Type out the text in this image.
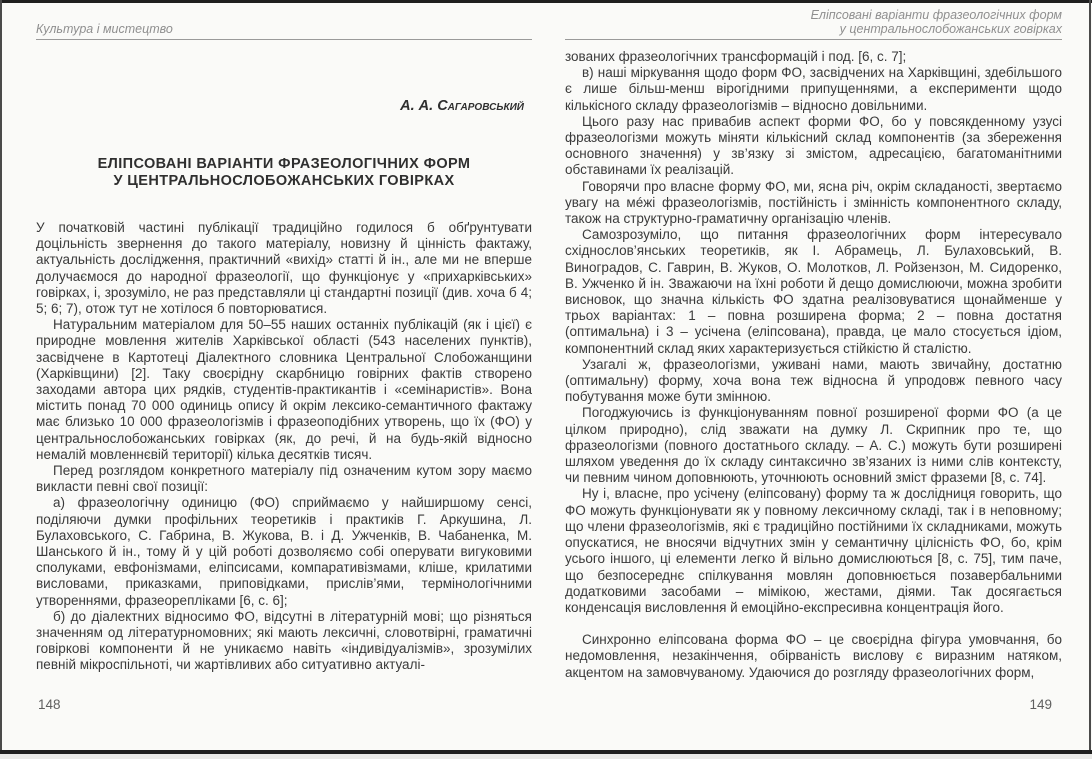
Культура і мистецтво
А. А. Сагаровський
ЕЛІПСОВАНІ ВАРІАНТИ ФРАЗЕОЛОГІЧНИХ ФОРМ
У ЦЕНТРАЛЬНОСЛОБОЖАНСЬКИХ ГОВІРКАХ

У початковій частині публікації традиційно годилося б обґрунтувати доцільність звернення до такого матеріалу, новизну й цінність фактажу, актуальність дослідження, практичний «вихід» статті й ін., але ми не вперше долучаємося до народної фразеології, що функціонує у «прихарківських» говірках, і, зрозуміло, не раз представляли ці стандартні позиції (див. хоча б 4; 5; 6; 7), отож тут не хотілося б повторюватися.

Натуральним матеріалом для 50–55 наших останніх публікацій (як і цієї) є природне мовлення жителів Харківської області (543 населених пунктів), засвідчене в Картотеці Діалектного словника Центральної Слобожанщини (Харківщини) [2]. Таку своєрідну скарбницю говірних фактів створено заходами автора цих рядків, студентів-практикантів і «семінаристів». Вона містить понад 70 000 одиниць опису й окрім лексико-семантичного фактажу має близько 10 000 фразеологізмів і фразеоподібних утворень, що їх (ФО) у центральнослобожанських говірках (як, до речі, й на будь-якій відносно немалій мовленнєвій території) кілька десятків тисяч.

Перед розглядом конкретного матеріалу під означеним кутом зору маємо викласти певні свої позиції:

а) фразеологічну одиницю (ФО) сприймаємо у найширшому сенсі, поділяючи думки профільних теоретиків і практиків Г. Аркушина, Л. Булаховського, С. Габрина, В. Жукова, В. і Д. Ужченків, В. Чабаненка, М. Шанського й ін., тому й у цій роботі дозволяємо собі оперувати вигуковими сполуками, евфонізмами, еліпсисами, компаративізмами, кліше, крилатими висловами, приказками, приповідками, прислів’ями, термінологічними утвореннями, фразеорепліками [6, с. 6];

б) до діалектних відносимо ФО, відсутні в літературній мові; що різняться значенням од літературномовних; які мають лексичні, словотвірні, граматичні говіркові компоненти й не уникаємо навіть «індивідуалізмів», зрозумілих певній мікроспільноті, чи жартівливих або ситуативно актуалі-

Еліпсовані варіанти фразеологічних форм
у центральнослобожанських говірках

зованих фразеологічних трансформацій і под. [6, с. 7];

в) наші міркування щодо форм ФО, засвідчених на Харківщині, здебільшого є лише більш-менш вірогідними припущеннями, а експерименти щодо кількісного складу фразеологізмів – відносно довільними.

Цього разу нас привабив аспект форми ФО, бо у повсякденному узусі фразеологізми можуть міняти кількісний склад компонентів (за збереження основного значення) у зв’язку зі змістом, адресацією, багатоманітними обставинами їх реалізацій.

Говорячи про власне форму ФО, ми, ясна річ, окрім складаності, звертаємо увагу на мéжі фразеологізмів, постійність і змінність компонентного складу, також на структурно-граматичну організацію членів.

Самозрозуміло, що питання фразеологічних форм інтересувало східнослов’янських теоретиків, як І. Абрамець, Л. Булаховський, В. Виноградов, С. Гаврин, В. Жуков, О. Молотков, Л. Ройзензон, М. Сидоренко, В. Ужченко й ін. Зважаючи на їхні роботи й дещо домислюючи, можна зробити висновок, що значна кількість ФО здатна реалізовуватися щонайменше у трьох варіантах: 1 – повна розширена форма; 2 – повна достатня (оптимальна) і 3 – усічена (еліпсована), правда, це мало стосується ідіом, компонентний склад яких характеризується стійкістю й сталістю.

Узагалі ж, фразеологізми, уживані нами, мають звичайну, достатню (оптимальну) форму, хоча вона теж відносна й упродовж певного часу побутування може бути змінною.

Погоджуючись із функціонуванням повної розширеної форми ФО (а це цілком природно), слід зважати на думку Л. Скрипник про те, що фразеологізми (повного достатнього складу. – А. С.) можуть бути розширені шляхом уведення до їх складу синтаксично зв’язаних із ними слів контексту, чи певним чином доповнюють, уточнюють основний зміст фраземи [8, с. 74].

Ну і, власне, про усічену (еліпсовану) форму та ж дослідниця говорить, що ФО можуть функціонувати як у повному лексичному складі, так і в неповному; що члени фразеологізмів, які є традиційно постійними їх складниками, можуть опускатися, не вносячи відчутних змін у семантичну цілісність ФО, бо, крім усього іншого, ці елементи легко й вільно домислюються [8, с. 75], тим паче, що безпосереднє спілкування мовлян доповнюється позавербальними додатковими засобами – мімікою, жестами, діями. Так досягається конденсація висловлення й емоційно-експресивна концентрація його.

Синхронно еліпсована форма ФО – це своєрідна фігура умовчання, бо недомовлення, незакінчення, обірваність вислову є виразним натяком, акцентом на замовчуваному. Удаючися до розгляду фразеологічних форм,

148	149
